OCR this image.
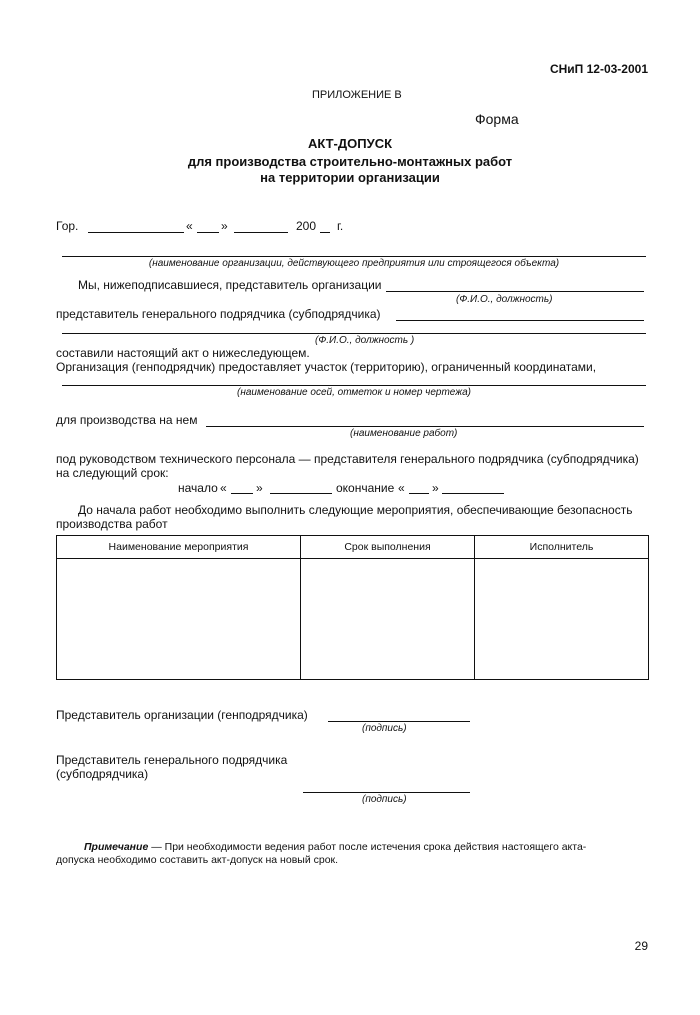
СНиП 12-03-2001
ПРИЛОЖЕНИЕ В
Форма
АКТ-ДОПУСК
для производства строительно-монтажных работ
на территории организации
Гор.	« »	200 г.
(наименование организации, действующего предприятия или строящегося объекта)
Мы, нижеподписавшиеся, представитель организации
(Ф.И.О., должность)
представитель генерального подрядчика (субподрядчика)
(Ф.И.О., должность )
составили настоящий акт о нижеследующем.
Организация (генподрядчик) предоставляет участок (территорию), ограниченный координатами,
(наименование осей, отметок и номер чертежа)
для производства на нем
(наименование работ)
под руководством технического персонала — представителя генерального подрядчика (субподрядчика)
на следующий срок:
начало « »	окончание « »
До начала работ необходимо выполнить следующие мероприятия, обеспечивающие безопасность
производства работ
Наименование мероприятия	Срок выполнения	Исполнитель

Представитель организации (генподрядчика)
(подпись)
Представитель генерального подрядчика
(субподрядчика)
(подпись)
Примечание — При необходимости ведения работ после истечения срока действия настоящего акта-
допуска необходимо составить акт-допуск на новый срок.
29
